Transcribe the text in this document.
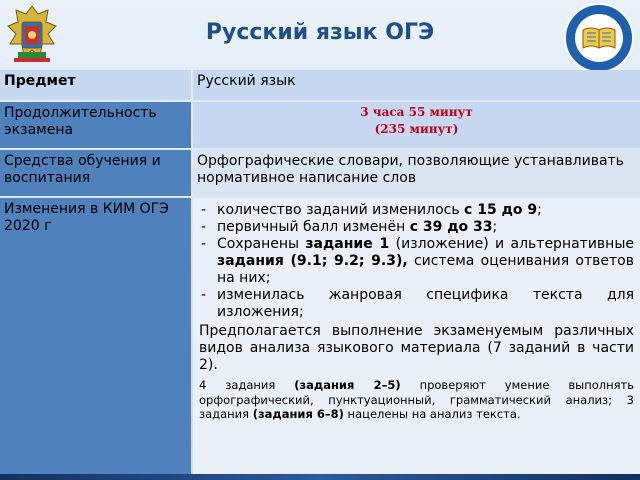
Русский язык ОГЭ
Предмет	Русский язык
Продолжительность экзамена
3 часа 55 минут
(235 минут)
Средства обучения и воспитания
Орфографические словари, позволяющие устанавливать нормативное написание слов
Изменения в КИМ ОГЭ 2020 г
- количество заданий изменилось с 15 до 9;
- первичный балл изменён с 39 до 33;
- Сохранены задание 1 (изложение) и альтернативные задания (9.1; 9.2; 9.3), система оценивания ответов на них;
- изменилась жанровая специфика текста для изложения;
Предполагается выполнение экзаменуемым различных видов анализа языкового материала (7 заданий в части 2).
4 задания (задания 2–5) проверяют умение выполнять орфографический, пунктуационный, грамматический анализ; 3 задания (задания 6–8) нацелены на анализ текста.
